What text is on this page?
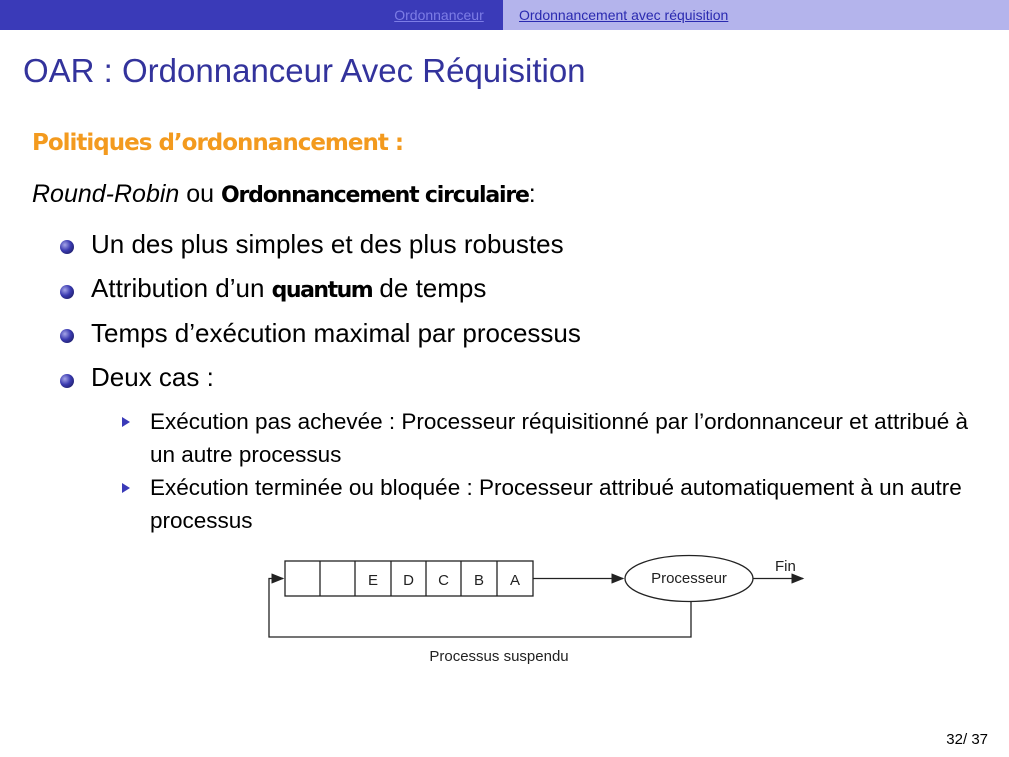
Ordonnanceur	Ordonnancement avec réquisition
OAR : Ordonnanceur Avec Réquisition
Politiques d’ordonnancement :
Round-Robin ou Ordonnancement circulaire:
Un des plus simples et des plus robustes
Attribution d’un quantum de temps
Temps d’exécution maximal par processus
Deux cas :
Exécution pas achevée : Processeur réquisitionné par l’ordonnanceur et attribué à un autre processus
Exécution terminée ou bloquée : Processeur attribué automatiquement à un autre processus
E D C B A	Processeur
Fin
Processus suspendu
32/ 37
